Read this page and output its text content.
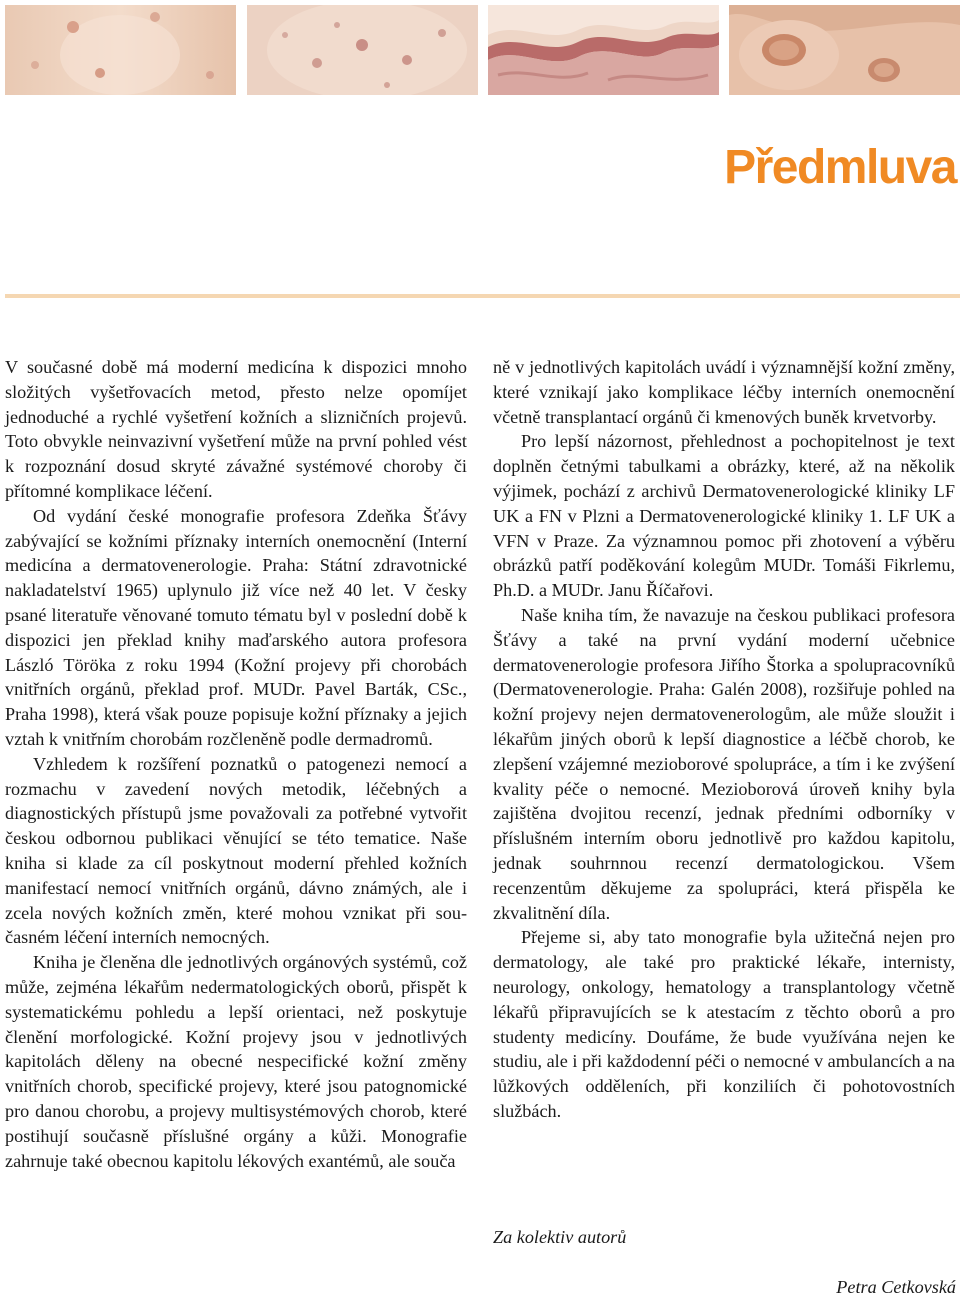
Předmluva

V současné době má moderní medicína k dispozici mnoho složitých vyšetřovacích metod, přesto nelze opomíjet jednoduché a rychlé vyšetření kožních a slizničních projevů. Toto obvykle neinvazivní vyšetření může na první pohled vést k rozpoznání dosud skryté závažné systémové choroby či přítomné komplikace léčení.

Od vydání české monografie profesora Zdeňka Šťávy zabývající se kožními příznaky interních onemocnění (Interní medicína a dermatovenerologie. Praha: Státní zdravotnické nakladatelství 1965) uplynulo již více než 40 let. V česky psané literatuře věnované tomuto tématu byl v poslední době k dispozici jen překlad knihy maďarského autora profesora László Töröka z roku 1994 (Kožní projevy při chorobách vnitřních orgánů, překlad prof. MUDr. Pavel Barták, CSc., Praha 1998), která však pouze popisuje kožní příznaky a jejich vztah k vnitřním chorobám rozčleněně podle dermadromů.

Vzhledem k rozšíření poznatků o patogenezi nemocí a rozmachu v zavedení nových metodik, léčebných a diagnostických přístupů jsme považovali za potřebné vytvořit českou odbornou publikaci věnující se této tematice. Naše kniha si klade za cíl poskytnout moderní přehled kožních manifestací nemocí vnitřních orgánů, dávno známých, ale i zcela nových kožních změn, které mohou vznikat při současném léčení interních nemocných.

Kniha je členěna dle jednotlivých orgánových systémů, což může, zejména lékařům nedermatologických oborů, přispět k systematickému pohledu a lepší orientaci, než poskytuje členění morfologické. Kožní projevy jsou v jednotlivých kapitolách děleny na obecné nespecifické kožní změny vnitřních chorob, specifické projevy, které jsou patognomické pro danou chorobu, a projevy multisystémových chorob, které postihují současně příslušné orgány a kůži. Monografie zahrnuje také obecnou kapitolu lékových exantémů, ale souča

ně v jednotlivých kapitolách uvádí i významnější kožní změny, které vznikají jako komplikace léčby interních onemocnění včetně transplantací orgánů či kmenových buněk krvetvorby.

Pro lepší názornost, přehlednost a pochopitelnost je text doplněn četnými tabulkami a obrázky, které, až na několik výjimek, pochází z archivů Dermatovenerologické kliniky LF UK a FN v Plzni a Dermatovenerologické kliniky 1. LF UK a VFN v Praze. Za významnou pomoc při zhotovení a výběru obrázků patří poděkování kolegům MUDr. Tomáši Fikrlemu, Ph.D. a MUDr. Janu Říčařovi.

Naše kniha tím, že navazuje na českou publikaci profesora Šťávy a také na první vydání moderní učebnice dermatovenerologie profesora Jiřího Štorka a spolupracovníků (Dermatovenerologie. Praha: Galén 2008), rozšiřuje pohled na kožní projevy nejen dermatovenerologům, ale může sloužit i lékařům jiných oborů k lepší diagnostice a léčbě chorob, ke zlepšení vzájemné mezioborové spolupráce, a tím i ke zvýšení kvality péče o nemocné. Mezioborová úroveň knihy byla zajištěna dvojitou recenzí, jednak předními odborníky v příslušném interním oboru jednotlivě pro každou kapitolu, jednak souhrnnou recenzí dermatologickou. Všem recenzentům děkujeme za spolupráci, která přispěla ke zkvalitnění díla.

Přejeme si, aby tato monografie byla užitečná nejen pro dermatology, ale také pro praktické lékaře, internisty, neurology, onkology, hematology a transplantology včetně lékařů připravujících se k atestacím z těchto oborů a pro studenty medicíny. Doufáme, že bude využívána nejen ke studiu, ale i při každodenní péči o nemocné v ambulancích a na lůžkových odděleních, při konziliích či pohotovostních službách.

Za kolektiv autorů

Petra Cetkovská
